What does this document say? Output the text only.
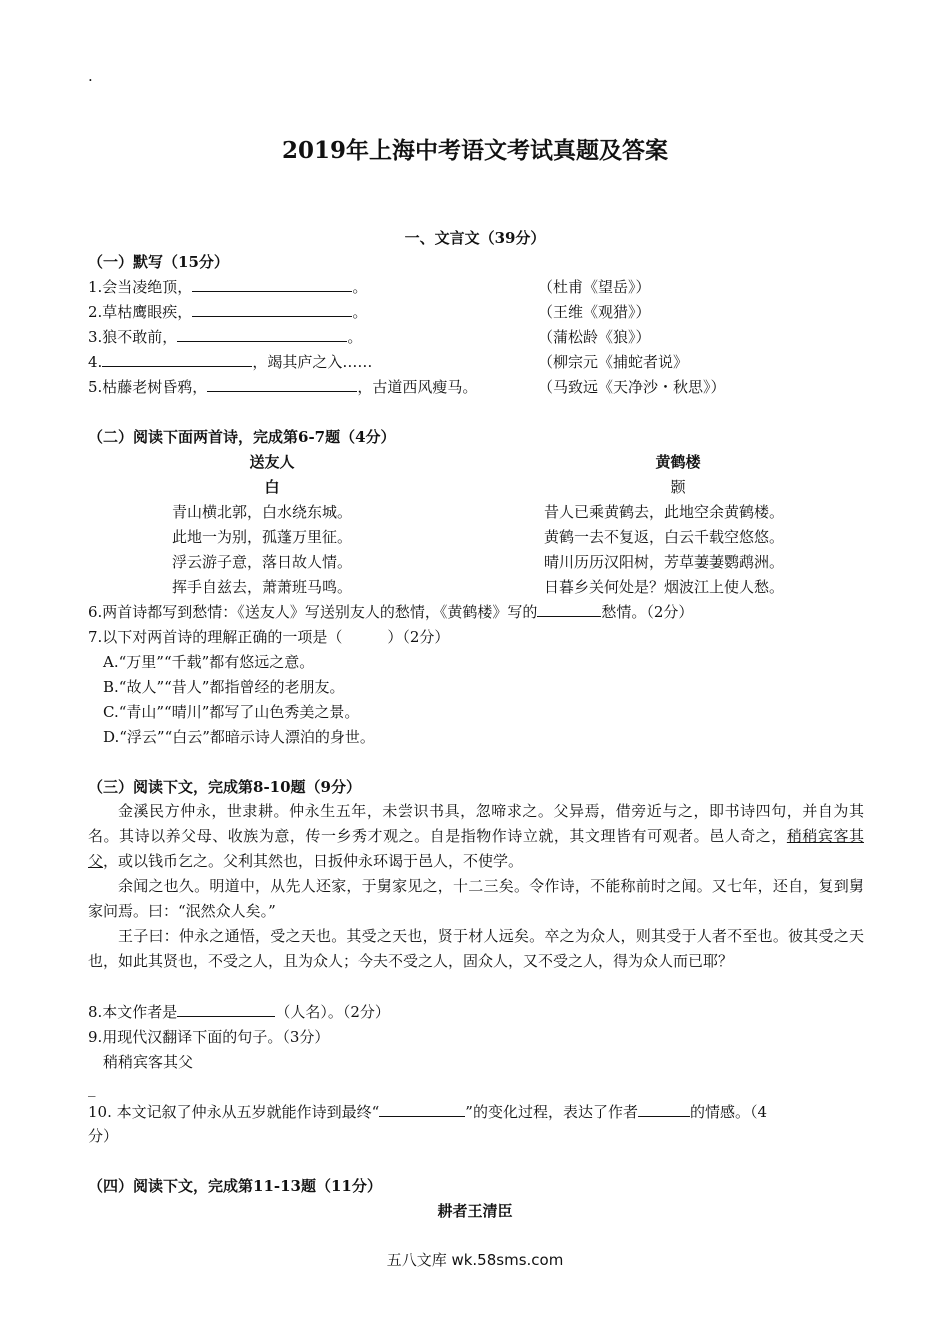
.
2019年上海中考语文考试真题及答案
一、文言文（39分）
（一）默写（15分）
1.会当凌绝顶，	。	（杜甫《望岳》）
2.草枯鹰眼疾，	。	（王维《观猎》）
3.狼不敢前，	。	（蒲松龄《狼》）
4.	，竭其庐之入……	（柳宗元《捕蛇者说》
5.枯藤老树昏鸦，	，古道西风瘦马。	（马致远《天净沙・秋思》）
（二）阅读下面两首诗，完成第6-7题（4分）
送友人
白
青山横北郭，白水绕东城。
此地一为别，孤蓬万里征。
浮云游子意，落日故人情。
挥手自兹去，萧萧班马鸣。
黄鹤楼
颢
昔人已乘黄鹤去，此地空余黄鹤楼。
黄鹤一去不复返，白云千载空悠悠。
晴川历历汉阳树，芳草萋萋鹦鹉洲。
日暮乡关何处是？烟波江上使人愁。
6.两首诗都写到愁情：《送友人》写送别友人的愁情，《黄鹤楼》写的	愁情。（2分）
7.以下对两首诗的理解正确的一项是（　　　）（2分）
A.“万里”“千载”都有悠远之意。
B.“故人”“昔人”都指曾经的老朋友。
C.“青山”“晴川”都写了山色秀美之景。
D.“浮云”“白云”都暗示诗人漂泊的身世。
（三）阅读下文，完成第8-10题（9分）

金溪民方仲永，世隶耕。仲永生五年，未尝识书具，忽啼求之。父异焉，借旁近与之，即书诗四句，并自为其名。其诗以养父母、收族为意，传一乡秀才观之。自是指物作诗立就，其文理皆有可观者。邑人奇之，稍稍宾客其父，或以钱币乞之。父利其然也，日扳仲永环谒于邑人，不使学。

余闻之也久。明道中，从先人还家，于舅家见之，十二三矣。令作诗，不能称前时之闻。又七年，还自，复到舅家问焉。曰：“泯然众人矣。”

王子曰：仲永之通悟，受之天也。其受之天也，贤于材人远矣。卒之为众人，则其受于人者不至也。彼其受之天也，如此其贤也，不受之人，且为众人；今夫不受之人，固众人，又不受之人，得为众人而已耶？

8.本文作者是	（人名）。（2分）
9.用现代汉翻译下面的句子。（3分）
稍稍宾客其父
_
10. 本文记叙了仲永从五岁就能作诗到最终“	”的变化过程，表达了作者	的情感。（4
分）
（四）阅读下文，完成第11-13题（11分）
耕者王清臣
五八文库 wk.58sms.com
